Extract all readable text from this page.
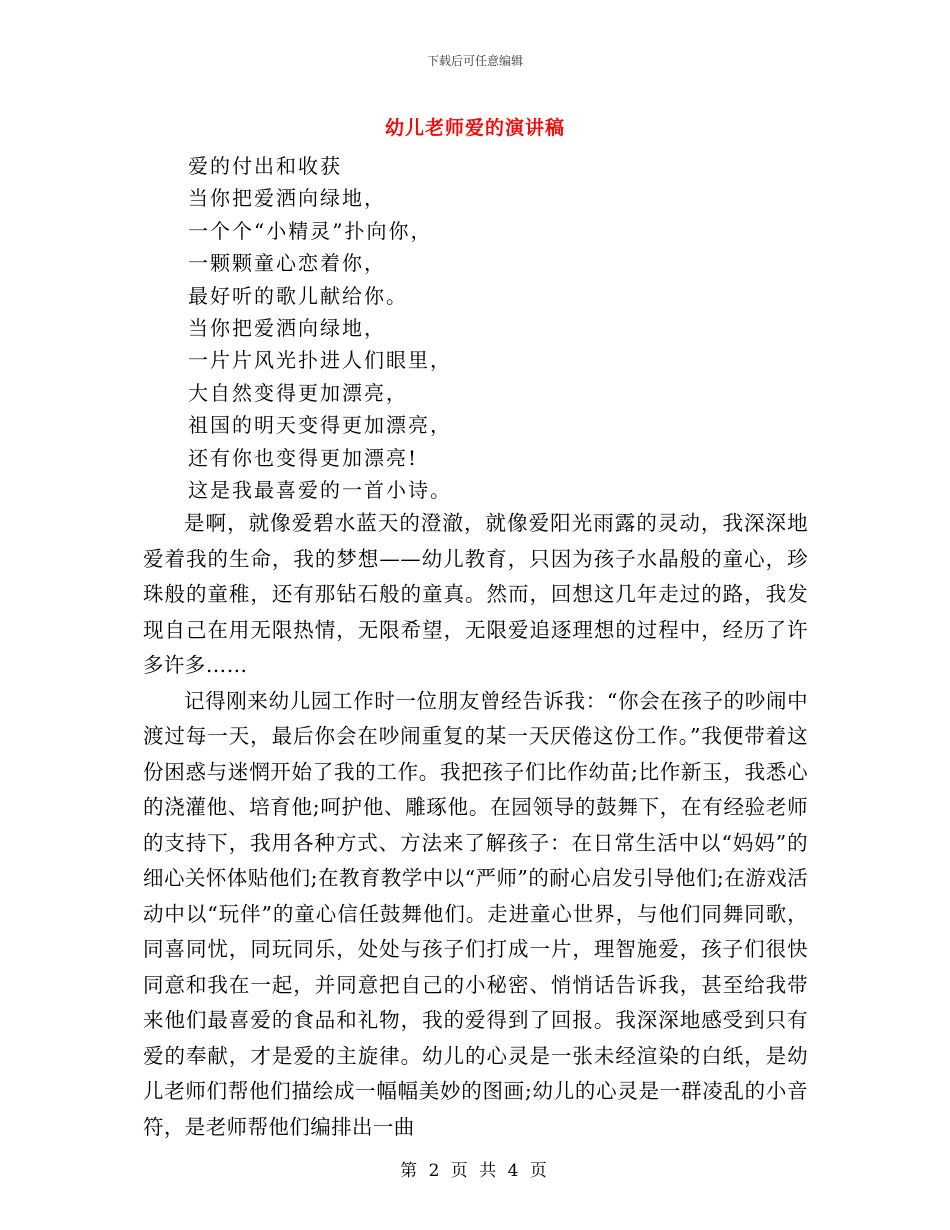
下载后可任意编辑
幼儿老师爱的演讲稿
爱的付出和收获
当你把爱洒向绿地，
一个个“小精灵”扑向你，
一颗颗童心恋着你，
最好听的歌儿献给你。
当你把爱洒向绿地，
一片片风光扑进人们眼里，
大自然变得更加漂亮，
祖国的明天变得更加漂亮，
还有你也变得更加漂亮!
这是我最喜爱的一首小诗。

是啊，就像爱碧水蓝天的澄澈，就像爱阳光雨露的灵动，我深深地爱着我的生命，我的梦想——幼儿教育，只因为孩子水晶般的童心，珍珠般的童稚，还有那钻石般的童真。然而，回想这几年走过的路，我发现自己在用无限热情，无限希望，无限爱追逐理想的过程中，经历了许多许多……

记得刚来幼儿园工作时一位朋友曾经告诉我：“你会在孩子的吵闹中渡过每一天，最后你会在吵闹重复的某一天厌倦这份工作。”我便带着这份困惑与迷惘开始了我的工作。我把孩子们比作幼苗;比作新玉，我悉心的浇灌他、培育他;呵护他、雕琢他。在园领导的鼓舞下，在有经验老师的支持下，我用各种方式、方法来了解孩子：在日常生活中以“妈妈”的细心关怀体贴他们;在教育教学中以“严师”的耐心启发引导他们;在游戏活动中以“玩伴”的童心信任鼓舞他们。走进童心世界，与他们同舞同歌，同喜同忧，同玩同乐，处处与孩子们打成一片，理智施爱，孩子们很快同意和我在一起，并同意把自己的小秘密、悄悄话告诉我，甚至给我带来他们最喜爱的食品和礼物，我的爱得到了回报。我深深地感受到只有爱的奉献，才是爱的主旋律。幼儿的心灵是一张未经渲染的白纸，是幼儿老师们帮他们描绘成一幅幅美妙的图画;幼儿的心灵是一群凌乱的小音符，是老师帮他们编排出一曲

第 2 页 共 4 页
